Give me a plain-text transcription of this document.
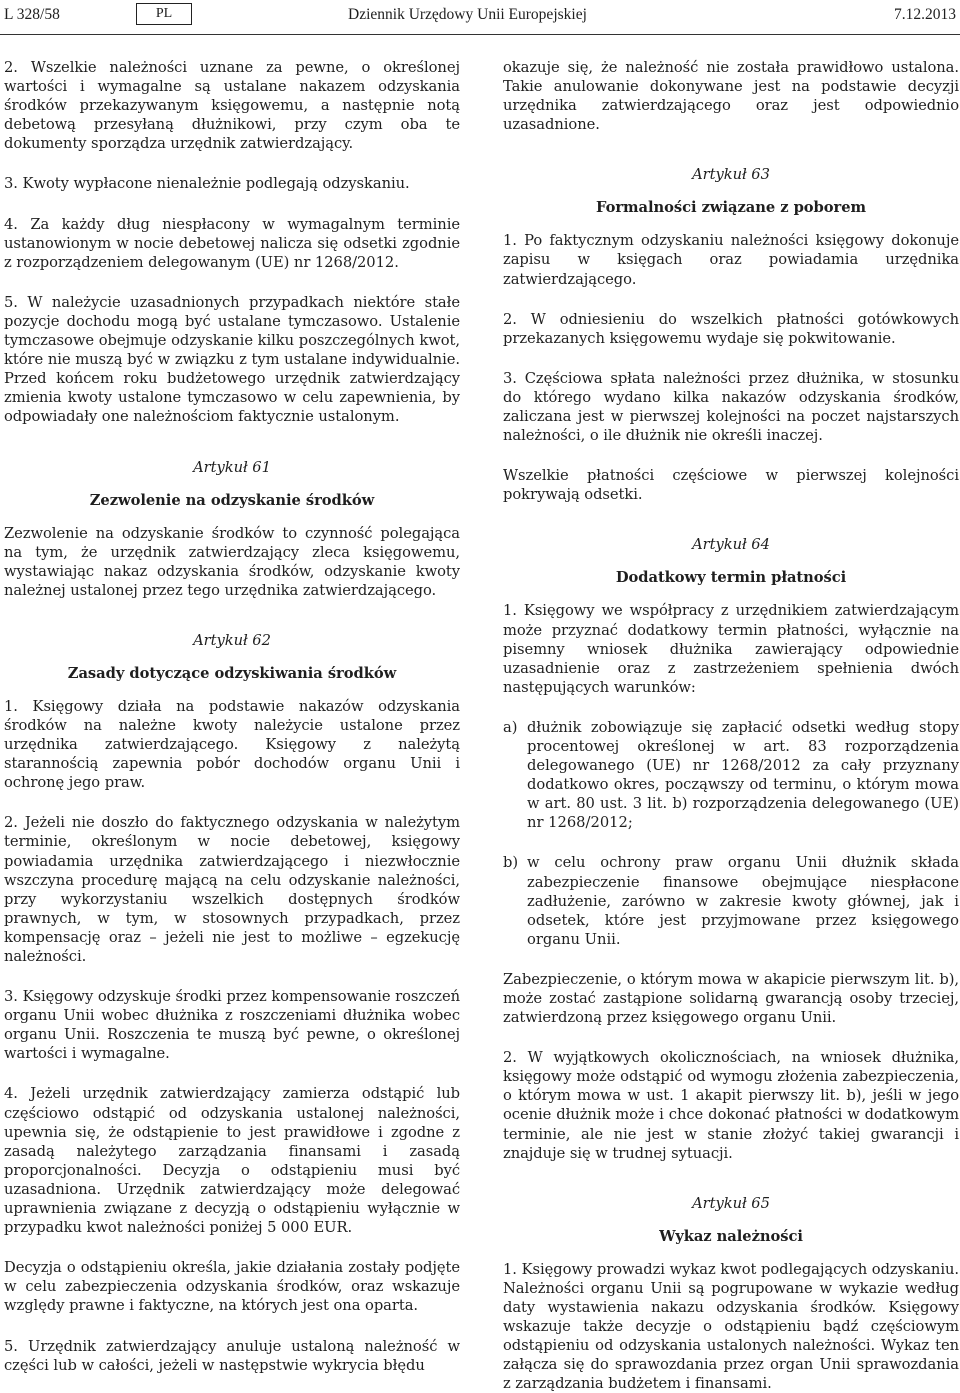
L 328/58	PL	Dziennik Urzędowy Unii Europejskiej	7.12.2013

2. Wszelkie należności uznane za pewne, o określonej wartości i wymagalne są ustalane nakazem odzyskania środków przekazywanym księgowemu, a następnie notą debetową przesyłaną dłużnikowi, przy czym oba te dokumenty sporządza urzędnik zatwierdzający.

3. Kwoty wypłacone nienależnie podlegają odzyskaniu.

4. Za każdy dług niespłacony w wymagalnym terminie ustanowionym w nocie debetowej nalicza się odsetki zgodnie z rozporządzeniem delegowanym (UE) nr 1268/2012.

5. W należycie uzasadnionych przypadkach niektóre stałe pozycje dochodu mogą być ustalane tymczasowo. Ustalenie tymczasowe obejmuje odzyskanie kilku poszczególnych kwot, które nie muszą być w związku z tym ustalane indywidualnie. Przed końcem roku budżetowego urzędnik zatwierdzający zmienia kwoty ustalone tymczasowo w celu zapewnienia, by odpowiadały one należnościom faktycznie ustalonym.

Artykuł 61

Zezwolenie na odzyskanie środków

Zezwolenie na odzyskanie środków to czynność polegająca na tym, że urzędnik zatwierdzający zleca księgowemu, wystawiając nakaz odzyskania środków, odzyskanie kwoty należnej ustalonej przez tego urzędnika zatwierdzającego.

Artykuł 62

Zasady dotyczące odzyskiwania środków

1. Księgowy działa na podstawie nakazów odzyskania środków na należne kwoty należycie ustalone przez urzędnika zatwierdzającego. Księgowy z należytą starannością zapewnia pobór dochodów organu Unii i ochronę jego praw.

2. Jeżeli nie doszło do faktycznego odzyskania w należytym terminie, określonym w nocie debetowej, księgowy powiadamia urzędnika zatwierdzającego i niezwłocznie wszczyna procedurę mającą na celu odzyskanie należności, przy wykorzystaniu wszelkich dostępnych środków prawnych, w tym, w stosownych przypadkach, przez kompensację oraz – jeżeli nie jest to możliwe – egzekucję należności.

3. Księgowy odzyskuje środki przez kompensowanie roszczeń organu Unii wobec dłużnika z roszczeniami dłużnika wobec organu Unii. Roszczenia te muszą być pewne, o określonej wartości i wymagalne.

4. Jeżeli urzędnik zatwierdzający zamierza odstąpić lub częściowo odstąpić od odzyskania ustalonej należności, upewnia się, że odstąpienie to jest prawidłowe i zgodne z zasadą należytego zarządzania finansami i zasadą proporcjonalności. Decyzja o odstąpieniu musi być uzasadniona. Urzędnik zatwierdzający może delegować uprawnienia związane z decyzją o odstąpieniu wyłącznie w przypadku kwot należności poniżej 5 000 EUR.

Decyzja o odstąpieniu określa, jakie działania zostały podjęte w celu zabezpieczenia odzyskania środków, oraz wskazuje względy prawne i faktyczne, na których jest ona oparta.

5. Urzędnik zatwierdzający anuluje ustaloną należność w części lub w całości, jeżeli w następstwie wykrycia błędu

okazuje się, że należność nie została prawidłowo ustalona. Takie anulowanie dokonywane jest na podstawie decyzji urzędnika zatwierdzającego oraz jest odpowiednio uzasadnione.

Artykuł 63

Formalności związane z poborem

1. Po faktycznym odzyskaniu należności księgowy dokonuje zapisu w księgach oraz powiadamia urzędnika zatwierdzającego.

2. W odniesieniu do wszelkich płatności gotówkowych przekazanych księgowemu wydaje się pokwitowanie.

3. Częściowa spłata należności przez dłużnika, w stosunku do którego wydano kilka nakazów odzyskania środków, zaliczana jest w pierwszej kolejności na poczet najstarszych należności, o ile dłużnik nie określi inaczej.

Wszelkie płatności częściowe w pierwszej kolejności pokrywają odsetki.

Artykuł 64

Dodatkowy termin płatności

1. Księgowy we współpracy z urzędnikiem zatwierdzającym może przyznać dodatkowy termin płatności, wyłącznie na pisemny wniosek dłużnika zawierający odpowiednie uzasadnienie oraz z zastrzeżeniem spełnienia dwóch następujących warunków:

a) dłużnik zobowiązuje się zapłacić odsetki według stopy procentowej określonej w art. 83 rozporządzenia delegowanego (UE) nr 1268/2012 za cały przyznany dodatkowo okres, począwszy od terminu, o którym mowa w art. 80 ust. 3 lit. b) rozporządzenia delegowanego (UE) nr 1268/2012;
b) w celu ochrony praw organu Unii dłużnik składa zabezpieczenie finansowe obejmujące niespłacone zadłużenie, zarówno w zakresie kwoty głównej, jak i odsetek, które jest przyjmowane przez księgowego organu Unii.

Zabezpieczenie, o którym mowa w akapicie pierwszym lit. b), może zostać zastąpione solidarną gwarancją osoby trzeciej, zatwierdzoną przez księgowego organu Unii.

2. W wyjątkowych okolicznościach, na wniosek dłużnika, księgowy może odstąpić od wymogu złożenia zabezpieczenia, o którym mowa w ust. 1 akapit pierwszy lit. b), jeśli w jego ocenie dłużnik może i chce dokonać płatności w dodatkowym terminie, ale nie jest w stanie złożyć takiej gwarancji i znajduje się w trudnej sytuacji.

Artykuł 65

Wykaz należności

1. Księgowy prowadzi wykaz kwot podlegających odzyskaniu. Należności organu Unii są pogrupowane w wykazie według daty wystawienia nakazu odzyskania środków. Księgowy wskazuje także decyzje o odstąpieniu bądź częściowym odstąpieniu od odzyskania ustalonych należności. Wykaz ten załącza się do sprawozdania przez organ Unii sprawozdania z zarządzania budżetem i finansami.
